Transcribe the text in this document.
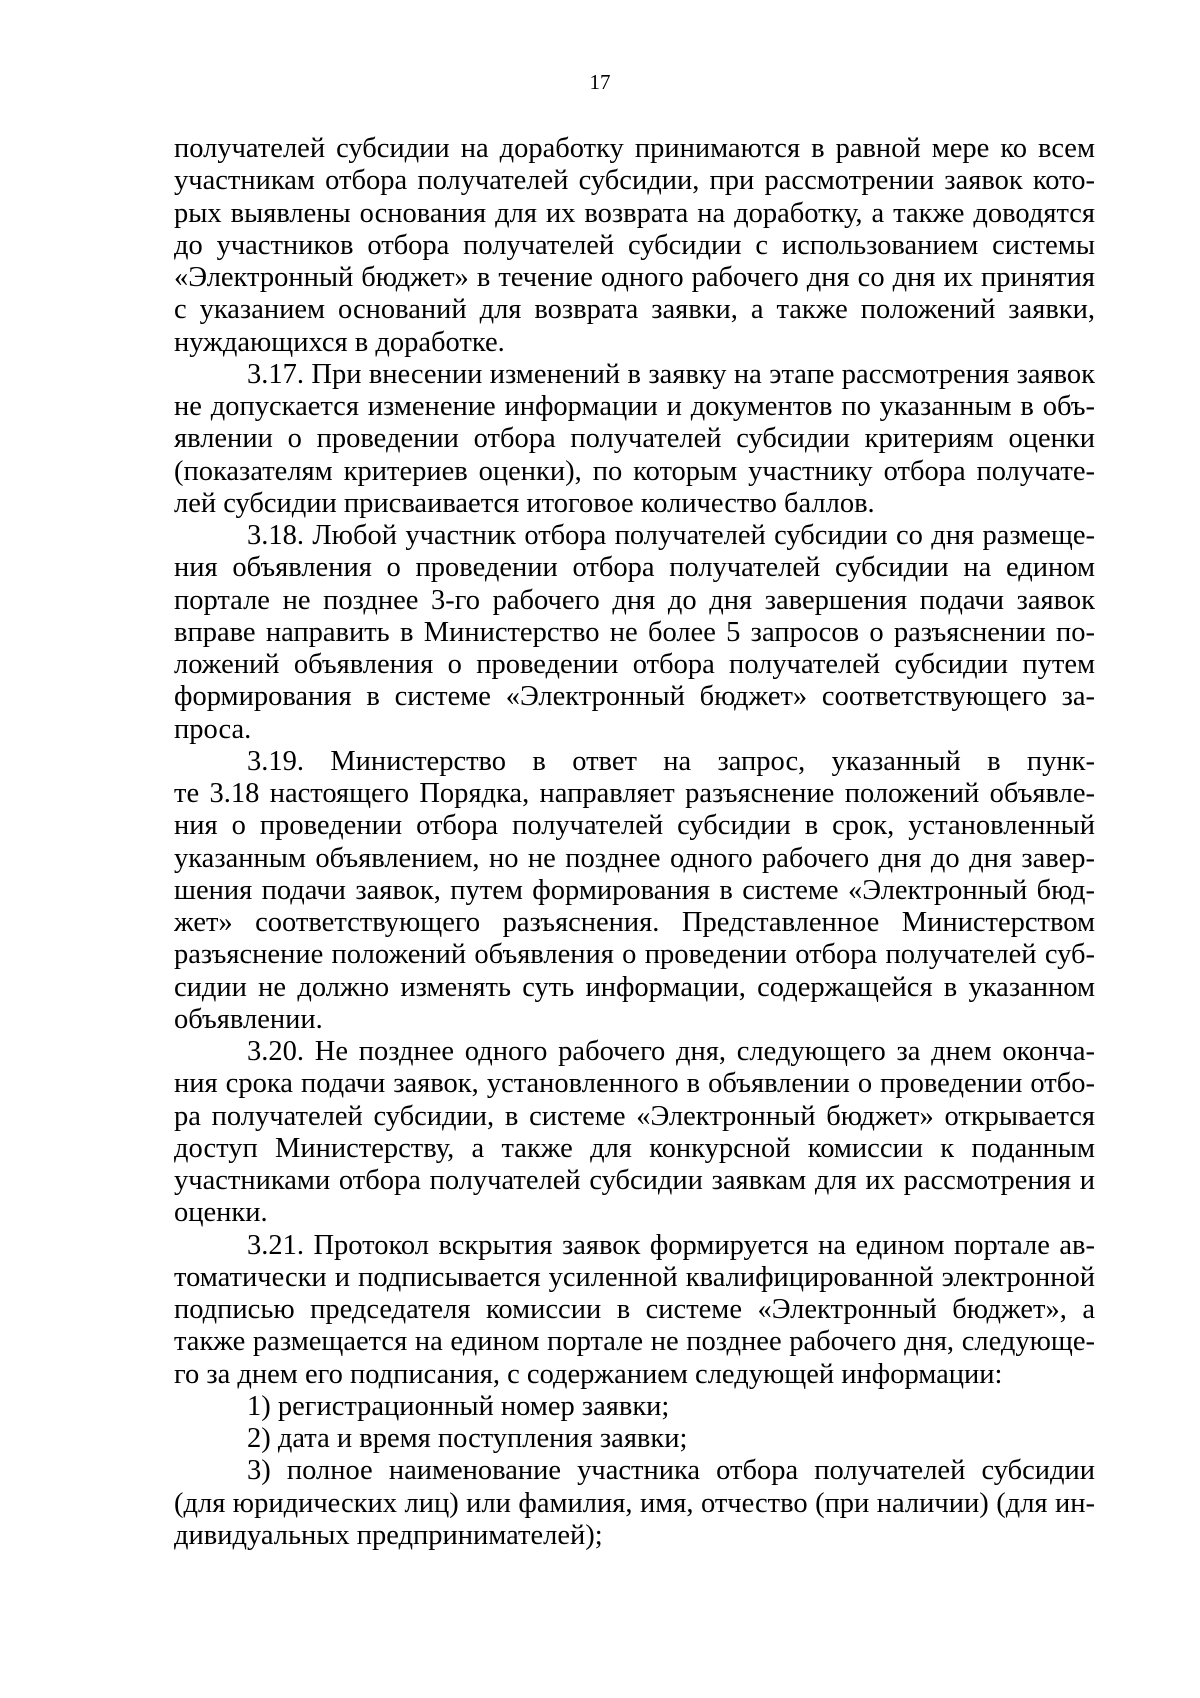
17

получателей субсидии на доработку принимаются в равной мере ко всем
участникам отбора получателей субсидии, при рассмотрении заявок кото-
рых выявлены основания для их возврата на доработку, а также доводятся
до участников отбора получателей субсидии с использованием системы
«Электронный бюджет» в течение одного рабочего дня со дня их принятия
с указанием оснований для возврата заявки, а также положений заявки,
нуждающихся в доработке.

3.17. При внесении изменений в заявку на этапе рассмотрения заявок
не допускается изменение информации и документов по указанным в объ-
явлении о проведении отбора получателей субсидии критериям оценки
(показателям критериев оценки), по которым участнику отбора получате-
лей субсидии присваивается итоговое количество баллов.

3.18. Любой участник отбора получателей субсидии со дня размеще-
ния объявления о проведении отбора получателей субсидии на едином
портале не позднее 3-го рабочего дня до дня завершения подачи заявок
вправе направить в Министерство не более 5 запросов о разъяснении по-
ложений объявления о проведении отбора получателей субсидии путем
формирования в системе «Электронный бюджет» соответствующего за-
проса.

3.19. Министерство в ответ на запрос, указанный в пунк-
те 3.18 настоящего Порядка, направляет разъяснение положений объявле-
ния о проведении отбора получателей субсидии в срок, установленный
указанным объявлением, но не позднее одного рабочего дня до дня завер-
шения подачи заявок, путем формирования в системе «Электронный бюд-
жет» соответствующего разъяснения. Представленное Министерством
разъяснение положений объявления о проведении отбора получателей суб-
сидии не должно изменять суть информации, содержащейся в указанном
объявлении.

3.20. Не позднее одного рабочего дня, следующего за днем оконча-
ния срока подачи заявок, установленного в объявлении о проведении отбо-
ра получателей субсидии, в системе «Электронный бюджет» открывается
доступ Министерству, а также для конкурсной комиссии к поданным
участниками отбора получателей субсидии заявкам для их рассмотрения и
оценки.

3.21. Протокол вскрытия заявок формируется на едином портале ав-
томатически и подписывается усиленной квалифицированной электронной
подписью председателя комиссии в системе «Электронный бюджет», а
также размещается на едином портале не позднее рабочего дня, следующе-
го за днем его подписания, с содержанием следующей информации:

1) регистрационный номер заявки;

2) дата и время поступления заявки;

3) полное наименование участника отбора получателей субсидии
(для юридических лиц) или фамилия, имя, отчество (при наличии) (для ин-
дивидуальных предпринимателей);
